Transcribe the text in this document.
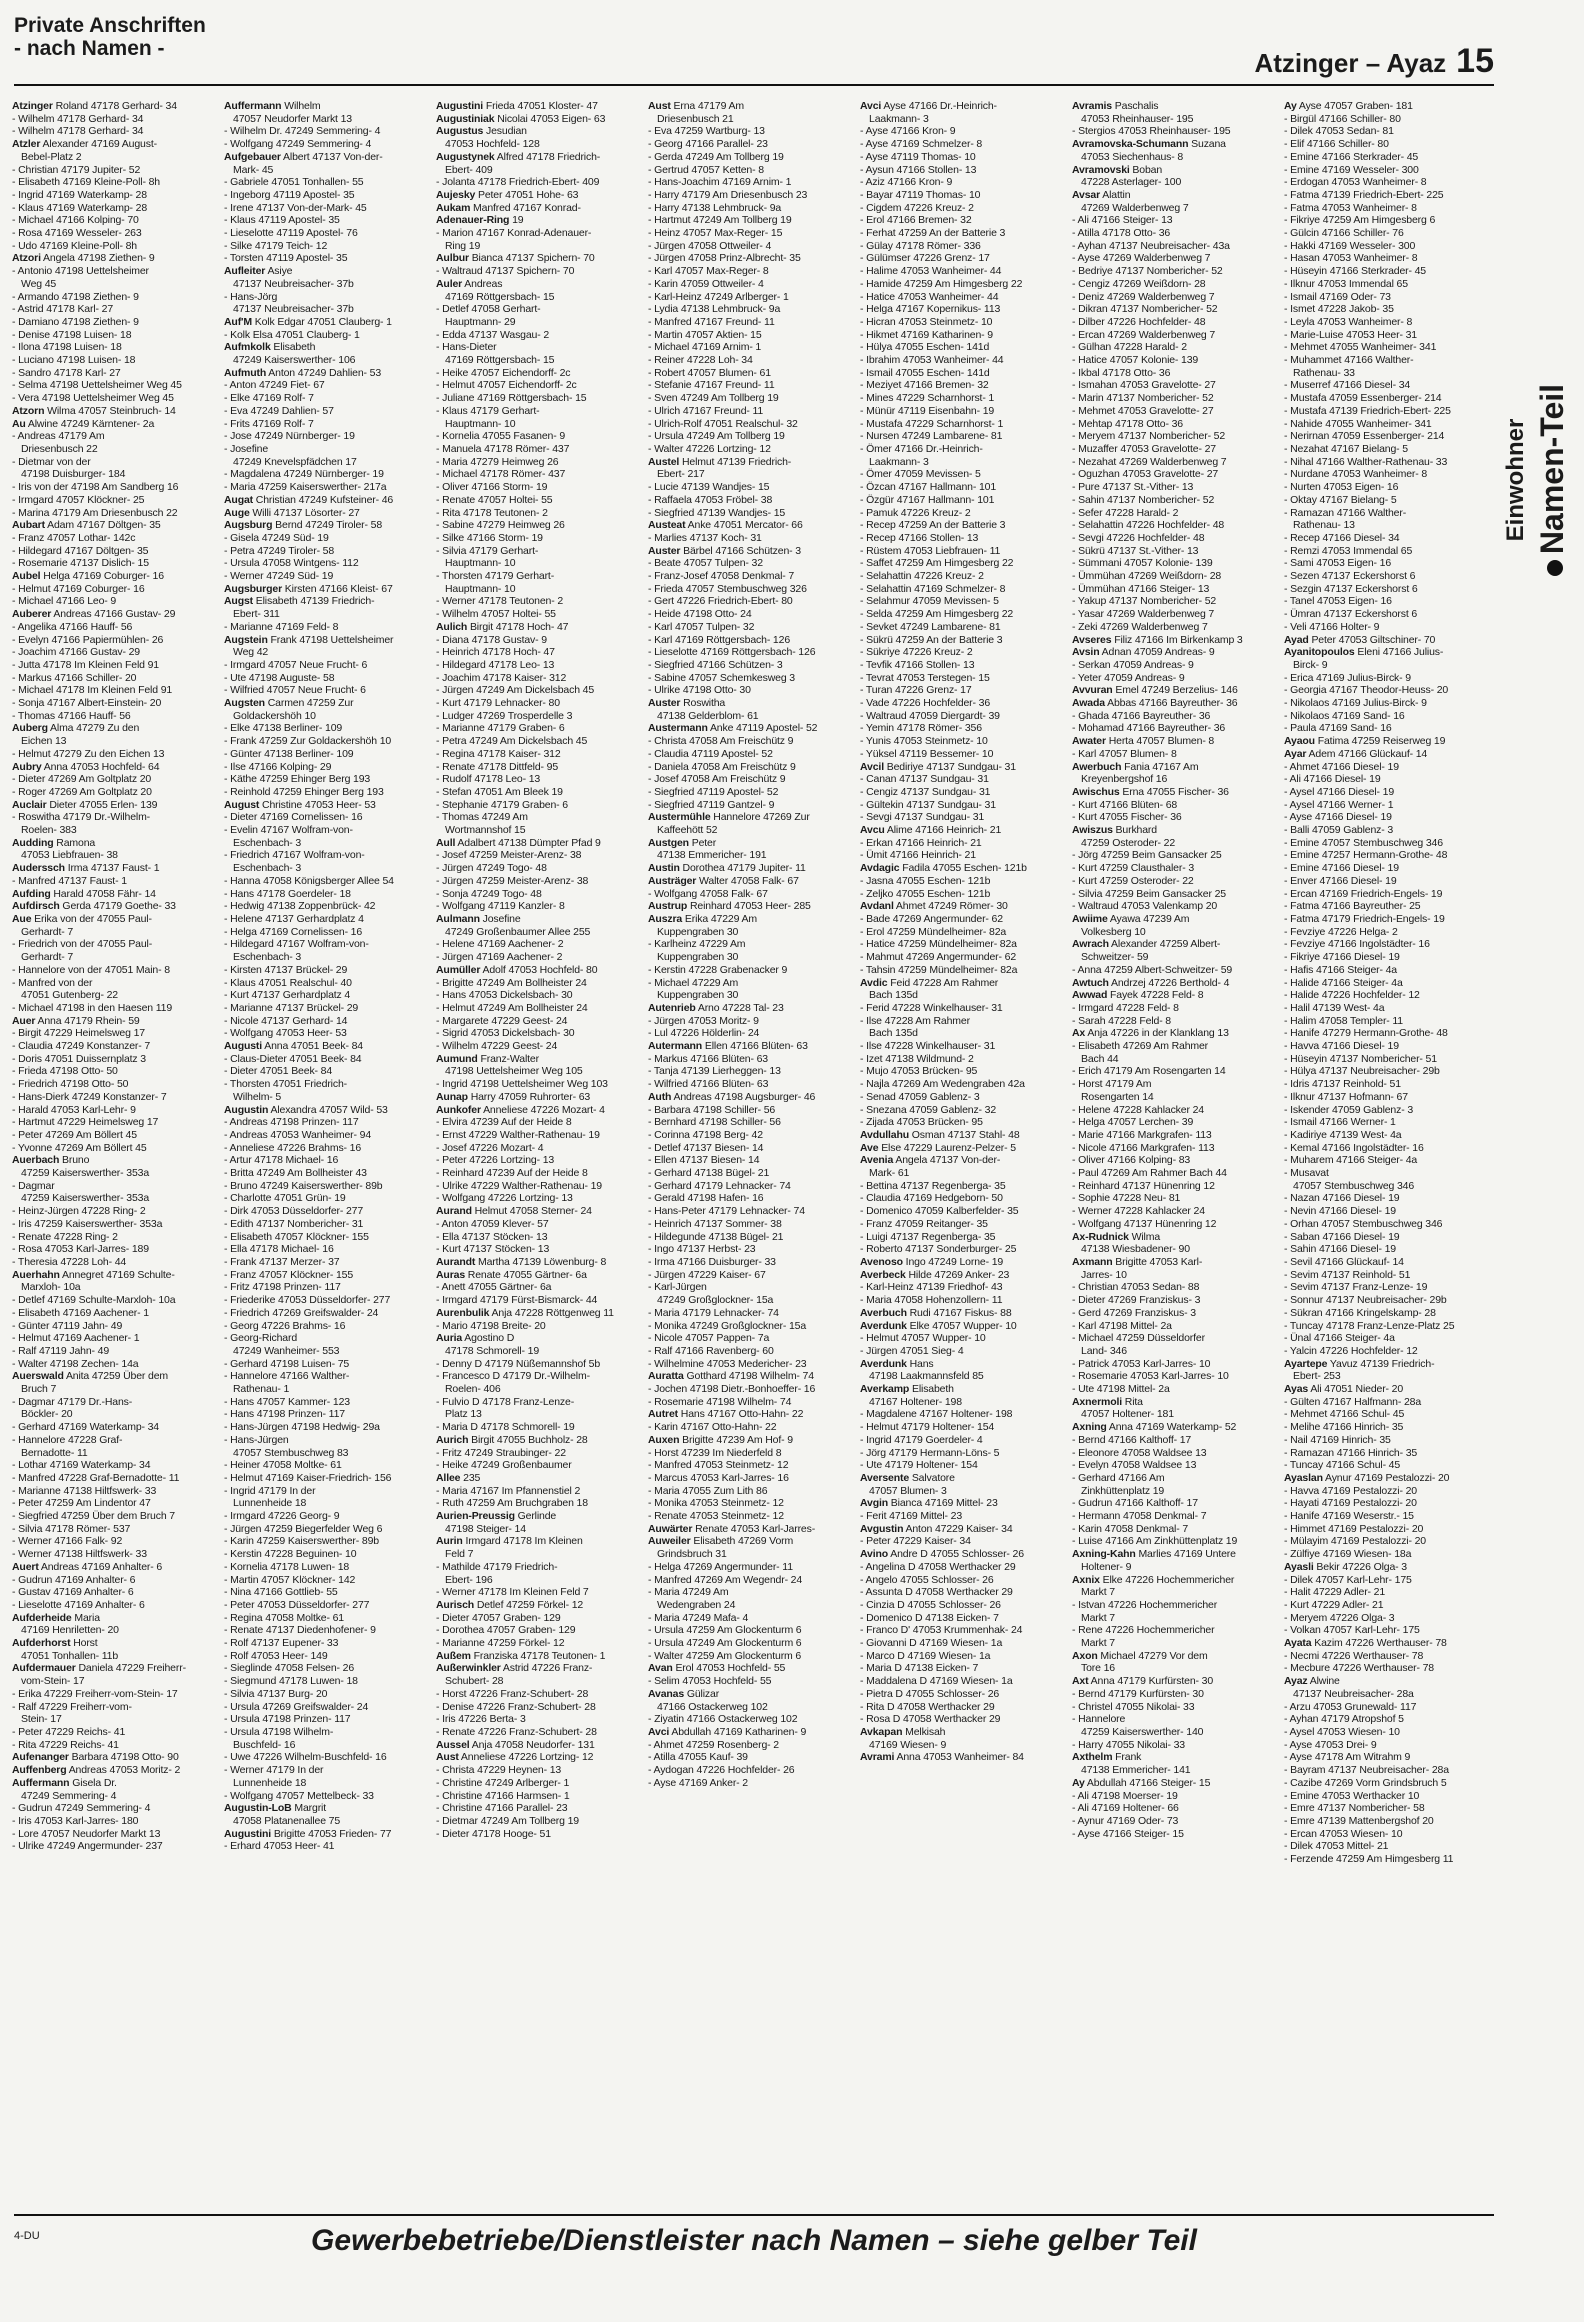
Private Anschriften
- nach Namen -	Atzinger – Ayaz 15
Atzinger Roland 47178 Gerhard- 34
- Wilhelm 47178 Gerhard- 34
- Wilhelm 47178 Gerhard- 34
Atzler Alexander 47169 August-
Bebel-Platz 2
- Christian 47179 Jupiter- 52
- Elisabeth 47169 Kleine-Poll- 8h
- Ingrid 47169 Waterkamp- 28
- Klaus 47169 Waterkamp- 28
- Michael 47166 Kolping- 70
- Rosa 47169 Wesseler- 263
- Udo 47169 Kleine-Poll- 8h
Atzori Angela 47198 Ziethen- 9
- Antonio 47198 Uettelsheimer
Weg 45
- Armando 47198 Ziethen- 9
- Astrid 47178 Karl- 27
- Damiano 47198 Ziethen- 9
- Denise 47198 Luisen- 18
- Ilona 47198 Luisen- 18
- Luciano 47198 Luisen- 18
- Sandro 47178 Karl- 27
- Selma 47198 Uettelsheimer Weg 45
- Vera 47198 Uettelsheimer Weg 45
Atzorn Wilma 47057 Steinbruch- 14
Au Alwine 47249 Kärntener- 2a
- Andreas 47179 Am
Driesenbusch 22
- Dietmar von der
47198 Duisburger- 184
- Iris von der 47198 Am Sandberg 16
- Irmgard 47057 Klöckner- 25
- Marina 47179 Am Driesenbusch 22
Aubart Adam 47167 Döltgen- 35
- Franz 47057 Lothar- 142c
- Hildegard 47167 Döltgen- 35
- Rosemarie 47137 Dislich- 15
Aubel Helga 47169 Coburger- 16
- Helmut 47169 Coburger- 16
- Michael 47166 Leo- 9
Auberer Andreas 47166 Gustav- 29
- Angelika 47166 Hauff- 56
- Evelyn 47166 Papiermühlen- 26
- Joachim 47166 Gustav- 29
- Jutta 47178 Im Kleinen Feld 91
- Markus 47166 Schiller- 20
- Michael 47178 Im Kleinen Feld 91
- Sonja 47167 Albert-Einstein- 20
- Thomas 47166 Hauff- 56
Auberg Alma 47279 Zu den
Eichen 13
- Helmut 47279 Zu den Eichen 13
Aubry Anna 47053 Hochfeld- 64
- Dieter 47269 Am Goltplatz 20
- Roger 47269 Am Goltplatz 20
Auclair Dieter 47055 Erlen- 139
- Roswitha 47179 Dr.-Wilhelm-
Roelen- 383
Audding Ramona
47053 Liebfrauen- 38
Auderssch Irma 47137 Faust- 1
- Manfred 47137 Faust- 1
Aufding Harald 47058 Fähr- 14
Aufdirsch Gerda 47179 Goethe- 33
Aue Erika von der 47055 Paul-
Gerhardt- 7
- Friedrich von der 47055 Paul-
Gerhardt- 7
- Hannelore von der 47051 Main- 8
- Manfred von der
47051 Gutenberg- 22
- Michael 47198 in den Haesen 119
Auer Anna 47179 Rhein- 59
- Birgit 47229 Heimelsweg 17
- Claudia 47249 Konstanzer- 7
- Doris 47051 Duissernplatz 3
- Frieda 47198 Otto- 50
- Friedrich 47198 Otto- 50
- Hans-Dierk 47249 Konstanzer- 7
- Harald 47053 Karl-Lehr- 9
- Hartmut 47229 Heimelsweg 17
- Peter 47269 Am Böllert 45
- Yvonne 47269 Am Böllert 45
Auerbach Bruno
47259 Kaiserswerther- 353a
- Dagmar
47259 Kaiserswerther- 353a
- Heinz-Jürgen 47228 Ring- 2
- Iris 47259 Kaiserswerther- 353a
- Renate 47228 Ring- 2
- Rosa 47053 Karl-Jarres- 189
- Theresia 47228 Loh- 44
Auerhahn Annegret 47169 Schulte-
Marxloh- 10a
- Detlef 47169 Schulte-Marxloh- 10a
- Elisabeth 47169 Aachener- 1
- Günter 47119 Jahn- 49
- Helmut 47169 Aachener- 1
- Ralf 47119 Jahn- 49
- Walter 47198 Zechen- 14a
Auerswald Anita 47259 Über dem
Bruch 7
- Dagmar 47179 Dr.-Hans-
Böckler- 20
- Gerhard 47169 Waterkamp- 34
- Hannelore 47228 Graf-
Bernadotte- 11
- Lothar 47169 Waterkamp- 34
- Manfred 47228 Graf-Bernadotte- 11
- Marianne 47138 Hiltfswerk- 33
- Peter 47259 Am Lindentor 47
- Siegfried 47259 Über dem Bruch 7
- Silvia 47178 Römer- 537
- Werner 47166 Falk- 92
- Werner 47138 Hiltfswerk- 33
Auert Andreas 47169 Anhalter- 6
- Gudrun 47169 Anhalter- 6
- Gustav 47169 Anhalter- 6
- Lieselotte 47169 Anhalter- 6
Aufderheide Maria
47169 Henriletten- 20
Aufderhorst Horst
47051 Tonhallen- 11b
Aufdermauer Daniela 47229 Freiherr-
vom-Stein- 17
- Erika 47229 Freiherr-vom-Stein- 17
- Ralf 47229 Freiherr-vom-
Stein- 17
- Peter 47229 Reichs- 41
- Rita 47229 Reichs- 41
Aufenanger Barbara 47198 Otto- 90
Auffenberg Andreas 47053 Moritz- 2
Auffermann Gisela Dr.
47249 Semmering- 4
- Gudrun 47249 Semmering- 4
- Iris 47053 Karl-Jarres- 180
- Lore 47057 Neudorfer Markt 13
- Ulrike 47249 Angermunder- 237
Auffermann Wilhelm
47057 Neudorfer Markt 13
- Wilhelm Dr. 47249 Semmering- 4
- Wolfgang 47249 Semmering- 4
Aufgebauer Albert 47137 Von-der-
Mark- 45
- Gabriele 47051 Tonhallen- 55
- Ingeborg 47119 Apostel- 35
- Irene 47137 Von-der-Mark- 45
- Klaus 47119 Apostel- 35
- Lieselotte 47119 Apostel- 76
- Silke 47179 Teich- 12
- Torsten 47119 Apostel- 35
Aufleiter Asiye
47137 Neubreisacher- 37b
- Hans-Jörg
47137 Neubreisacher- 37b
Auf'M Kolk Edgar 47051 Clauberg- 1
- Kolk Elsa 47051 Clauberg- 1
Aufmkolk Elisabeth
47249 Kaiserswerther- 106
Aufmuth Anton 47249 Dahlien- 53
- Anton 47249 Fiet- 67
- Elke 47169 Rolf- 7
- Eva 47249 Dahlien- 57
- Frits 47169 Rolf- 7
- Jose 47249 Nürnberger- 19
- Josefine
47249 Knevelspfädchen 17
- Magdalena 47249 Nürnberger- 19
- Maria 47259 Kaiserswerther- 217a
Augat Christian 47249 Kufsteiner- 46
Auge Willi 47137 Lösorter- 27
Augsburg Bernd 47249 Tiroler- 58
- Gisela 47249 Süd- 19
- Petra 47249 Tiroler- 58
- Ursula 47058 Wintgens- 112
- Werner 47249 Süd- 19
Augsburger Kirsten 47166 Kleist- 67
Augst Elisabeth 47139 Friedrich-
Ebert- 311
- Marianne 47169 Feld- 8
Augstein Frank 47198 Uettelsheimer
Weg 42
- Irmgard 47057 Neue Frucht- 6
- Ute 47198 Auguste- 58
- Wilfried 47057 Neue Frucht- 6
Augsten Carmen 47259 Zur
Goldackershöh 10
- Elke 47138 Berliner- 109
- Frank 47259 Zur Goldackershöh 10
- Günter 47138 Berliner- 109
- Ilse 47166 Kolping- 29
- Käthe 47259 Ehinger Berg 193
- Reinhold 47259 Ehinger Berg 193
August Christine 47053 Heer- 53
- Dieter 47169 Cornelissen- 16
- Evelin 47167 Wolfram-von-
Eschenbach- 3
- Friedrich 47167 Wolfram-von-
Eschenbach- 3
- Hanna 47058 Königsberger Allee 54
- Hans 47178 Goerdeler- 18
- Hedwig 47138 Zoppenbrück- 42
- Helene 47137 Gerhardplatz 4
- Helga 47169 Cornelissen- 16
- Hildegard 47167 Wolfram-von-
Eschenbach- 3
- Kirsten 47137 Brückel- 29
- Klaus 47051 Realschul- 40
- Kurt 47137 Gerhardplatz 4
- Marianne 47137 Brückel- 29
- Nicole 47137 Gerhard- 14
- Wolfgang 47053 Heer- 53
Augusti Anna 47051 Beek- 84
- Claus-Dieter 47051 Beek- 84
- Dieter 47051 Beek- 84
- Thorsten 47051 Friedrich-
Wilhelm- 5
Augustin Alexandra 47057 Wild- 53
- Andreas 47198 Prinzen- 117
- Andreas 47053 Wanheimer- 94
- Anneliese 47226 Brahms- 16
- Artur 47178 Michael- 16
- Britta 47249 Am Bollheister 43
- Bruno 47249 Kaiserswerther- 89b
- Charlotte 47051 Grün- 19
- Dirk 47053 Düsseldorfer- 277
- Edith 47137 Nombericher- 31
- Elisabeth 47057 Klöckner- 155
- Ella 47178 Michael- 16
- Frank 47137 Merzer- 37
- Franz 47057 Klöckner- 155
- Fritz 47198 Prinzen- 117
- Friederike 47053 Düsseldorfer- 277
- Friedrich 47269 Greifswalder- 24
- Georg 47226 Brahms- 16
- Georg-Richard
47249 Wanheimer- 553
- Gerhard 47198 Luisen- 75
- Hannelore 47166 Walther-
Rathenau- 1
- Hans 47057 Kammer- 123
- Hans 47198 Prinzen- 117
- Hans-Jürgen 47198 Hedwig- 29a
- Hans-Jürgen
47057 Stembuschweg 83
- Heiner 47058 Moltke- 61
- Helmut 47169 Kaiser-Friedrich- 156
- Ingrid 47179 In der
Lunnenheide 18
- Irmgard 47226 Georg- 9
- Jürgen 47259 Biegerfelder Weg 6
- Karin 47259 Kaiserswerther- 89b
- Kerstin 47228 Beguinen- 10
- Kornelia 47178 Luwen- 18
- Martin 47057 Klöckner- 142
- Nina 47166 Gottlieb- 55
- Peter 47053 Düsseldorfer- 277
- Regina 47058 Moltke- 61
- Renate 47137 Diedenhofener- 9
- Rolf 47137 Eupener- 33
- Rolf 47053 Heer- 149
- Sieglinde 47058 Felsen- 26
- Siegmund 47178 Luwen- 18
- Silvia 47137 Burg- 20
- Ursula 47269 Greifswalder- 24
- Ursula 47198 Prinzen- 117
- Ursula 47198 Wilhelm-
Buschfeld- 16
- Uwe 47226 Wilhelm-Buschfeld- 16
- Werner 47179 In der
Lunnenheide 18
- Wolfgang 47057 Mettelbeck- 33
Augustin-LoB Margrit
47058 Platanenallee 75
Augustini Brigitte 47053 Frieden- 77
- Erhard 47053 Heer- 41
Augustini Frieda 47051 Kloster- 47
Augustiniak Nicolai 47053 Eigen- 63
Augustus Jesudian
47053 Hochfeld- 128
Augustynek Alfred 47178 Friedrich-
Ebert- 409
- Jolanta 47178 Friedrich-Ebert- 409
Aujesky Peter 47051 Hohe- 63
Aukam Manfred 47167 Konrad-
Adenauer-Ring 19
- Marion 47167 Konrad-Adenauer-
Ring 19
Aulbur Bianca 47137 Spichern- 70
- Waltraud 47137 Spichern- 70
Auler Andreas
47169 Röttgersbach- 15
- Detlef 47058 Gerhart-
Hauptmann- 29
- Edda 47137 Wasgau- 2
- Hans-Dieter
47169 Röttgersbach- 15
- Heike 47057 Eichendorff- 2c
- Helmut 47057 Eichendorff- 2c
- Juliane 47169 Röttgersbach- 15
- Klaus 47179 Gerhart-
Hauptmann- 10
- Kornelia 47055 Fasanen- 9
- Manuela 47178 Römer- 437
- Maria 47279 Heimweg 26
- Michael 47178 Römer- 437
- Oliver 47166 Storm- 19
- Renate 47057 Holtei- 55
- Rita 47178 Teutonen- 2
- Sabine 47279 Heimweg 26
- Silke 47166 Storm- 19
- Silvia 47179 Gerhart-
Hauptmann- 10
- Thorsten 47179 Gerhart-
Hauptmann- 10
- Werner 47178 Teutonen- 2
- Wilhelm 47057 Holtei- 55
Aulich Birgit 47178 Hoch- 47
- Diana 47178 Gustav- 9
- Heinrich 47178 Hoch- 47
- Hildegard 47178 Leo- 13
- Joachim 47178 Kaiser- 312
- Jürgen 47249 Am Dickelsbach 45
- Kurt 47179 Lehnacker- 80
- Ludger 47269 Trosperdelle 3
- Marianne 47179 Graben- 6
- Petra 47249 Am Dickelsbach 45
- Regina 47178 Kaiser- 312
- Renate 47178 Dittfeld- 95
- Rudolf 47178 Leo- 13
- Stefan 47051 Am Bleek 19
- Stephanie 47179 Graben- 6
- Thomas 47249 Am
Wortmannshof 15
Aull Adalbert 47138 Dümpter Pfad 9
- Josef 47259 Meister-Arenz- 38
- Jürgen 47249 Togo- 48
- Jürgen 47259 Meister-Arenz- 38
- Sonja 47249 Togo- 48
- Wolfgang 47119 Kanzler- 8
Aulmann Josefine
47249 Großenbaumer Allee 255
- Helene 47169 Aachener- 2
- Jürgen 47169 Aachener- 2
Aumüller Adolf 47053 Hochfeld- 80
- Brigitte 47249 Am Bollheister 24
- Hans 47053 Dickelsbach- 30
- Helmut 47249 Am Bollheister 24
- Margarete 47229 Geest- 24
- Sigrid 47053 Dickelsbach- 30
- Wilhelm 47229 Geest- 24
Aumund Franz-Walter
47198 Uettelsheimer Weg 105
- Ingrid 47198 Uettelsheimer Weg 103
Aunap Harry 47059 Ruhrorter- 63
Aunkofer Anneliese 47226 Mozart- 4
- Elvira 47239 Auf der Heide 8
- Ernst 47229 Walther-Rathenau- 19
- Josef 47226 Mozart- 4
- Peter 47226 Lortzing- 13
- Reinhard 47239 Auf der Heide 8
- Ulrike 47229 Walther-Rathenau- 19
- Wolfgang 47226 Lortzing- 13
Aurand Helmut 47058 Sterner- 24
- Anton 47059 Klever- 57
- Ella 47137 Stöcken- 13
- Kurt 47137 Stöcken- 13
Aurandt Martha 47139 Löwenburg- 8
Auras Renate 47055 Gärtner- 6a
- Anett 47055 Gärtner- 6a
- Irmgard 47179 Fürst-Bismarck- 44
Aurenbulik Anja 47228 Röttgenweg 11
- Mario 47198 Breite- 20
Auria Agostino D
47178 Schmorell- 19
- Denny D 47179 Nüßemannshof 5b
- Francesco D 47179 Dr.-Wilhelm-
Roelen- 406
- Fulvio D 47178 Franz-Lenze-
Platz 13
- Maria D 47178 Schmorell- 19
Aurich Birgit 47055 Buchholz- 28
- Fritz 47249 Straubinger- 22
- Heike 47249 Großenbaumer
Allee 235
- Maria 47167 Im Pfannenstiel 2
- Ruth 47259 Am Bruchgraben 18
Aurien-Preussig Gerlinde
47198 Steiger- 14
Aurin Irmgard 47178 Im Kleinen
Feld 7
- Mathilde 47179 Friedrich-
Ebert- 196
- Werner 47178 Im Kleinen Feld 7
Aurisch Detlef 47259 Förkel- 12
- Dieter 47057 Graben- 129
- Dorothea 47057 Graben- 129
- Marianne 47259 Förkel- 12
Außem Franziska 47178 Teutonen- 1
Außerwinkler Astrid 47226 Franz-
Schubert- 28
- Horst 47226 Franz-Schubert- 28
- Denise 47226 Franz-Schubert- 28
- Iris 47226 Berta- 3
- Renate 47226 Franz-Schubert- 28
Aussel Anja 47058 Neudorfer- 131
Aust Anneliese 47226 Lortzing- 12
- Christa 47229 Heynen- 13
- Christine 47249 Arlberger- 1
- Christine 47166 Harmsen- 1
- Christine 47166 Parallel- 23
- Dietmar 47249 Am Tollberg 19
- Dieter 47178 Hooge- 51
Aust Erna 47179 Am
Driesenbusch 21
- Eva 47259 Wartburg- 13
- Georg 47166 Parallel- 23
- Gerda 47249 Am Tollberg 19
- Gertrud 47057 Ketten- 8
- Hans-Joachim 47169 Arnim- 1
- Harry 47179 Am Driesenbusch 23
- Harry 47138 Lehmbruck- 9a
- Hartmut 47249 Am Tollberg 19
- Heinz 47057 Max-Reger- 15
- Jürgen 47058 Ottweiler- 4
- Jürgen 47058 Prinz-Albrecht- 35
- Karl 47057 Max-Reger- 8
- Karin 47059 Ottweiler- 4
- Karl-Heinz 47249 Arlberger- 1
- Lydia 47138 Lehmbruck- 9a
- Manfred 47167 Freund- 11
- Martin 47057 Aktien- 15
- Michael 47169 Arnim- 1
- Reiner 47228 Loh- 34
- Robert 47057 Blumen- 61
- Stefanie 47167 Freund- 11
- Sven 47249 Am Tollberg 19
- Ulrich 47167 Freund- 11
- Ulrich-Rolf 47051 Realschul- 32
- Ursula 47249 Am Tollberg 19
- Walter 47226 Lortzing- 12
Austel Helmut 47139 Friedrich-
Ebert- 217
- Lucie 47139 Wandjes- 15
- Raffaela 47053 Fröbel- 38
- Siegfried 47139 Wandjes- 15
Austeat Anke 47051 Mercator- 66
- Marlies 47137 Koch- 31
Auster Bärbel 47166 Schützen- 3
- Beate 47057 Tulpen- 32
- Franz-Josef 47058 Denkmal- 7
- Frieda 47057 Stembuschweg 326
- Gert 47226 Friedrich-Ebert- 80
- Heide 47198 Otto- 24
- Karl 47057 Tulpen- 32
- Karl 47169 Röttgersbach- 126
- Lieselotte 47169 Röttgersbach- 126
- Siegfried 47166 Schützen- 3
- Sabine 47057 Schemkesweg 3
- Ulrike 47198 Otto- 30
Auster Roswitha
47138 Gelderblom- 61
Austermann Anke 47119 Apostel- 52
- Christa 47058 Am Freischütz 9
- Claudia 47119 Apostel- 52
- Daniela 47058 Am Freischütz 9
- Josef 47058 Am Freischütz 9
- Siegfried 47119 Apostel- 52
- Siegfried 47119 Gantzel- 9
Austermühle Hannelore 47269 Zur
Kaffeehött 52
Austgen Peter
47138 Emmericher- 191
Austin Dorothea 47179 Jupiter- 11
Austräger Walter 47058 Falk- 67
- Wolfgang 47058 Falk- 67
Austrup Reinhard 47053 Heer- 285
Auszra Erika 47229 Am
Kuppengraben 30
- Karlheinz 47229 Am
Kuppengraben 30
- Kerstin 47228 Grabenacker 9
- Michael 47229 Am
Kuppengraben 30
Autenrieb Arno 47228 Tal- 23
- Jürgen 47053 Moritz- 9
- Lul 47226 Hölderlin- 24
Autermann Ellen 47166 Blüten- 63
- Markus 47166 Blüten- 63
- Tanja 47139 Lierheggen- 13
- Wilfried 47166 Blüten- 63
Auth Andreas 47198 Augsburger- 46
- Barbara 47198 Schiller- 56
- Bernhard 47198 Schiller- 56
- Corinna 47198 Berg- 42
- Detlef 47137 Biesen- 14
- Ellen 47137 Biesen- 14
- Gerhard 47138 Bügel- 21
- Gerhard 47179 Lehnacker- 74
- Gerald 47198 Hafen- 16
- Hans-Peter 47179 Lehnacker- 74
- Heinrich 47137 Sommer- 38
- Hildegunde 47138 Bügel- 21
- Ingo 47137 Herbst- 23
- Irma 47166 Duisburger- 33
- Jürgen 47229 Kaiser- 67
- Karl-Jürgen
47249 Großglockner- 15a
- Maria 47179 Lehnacker- 74
- Monika 47249 Großglockner- 15a
- Nicole 47057 Pappen- 7a
- Ralf 47166 Ravenberg- 60
- Wilhelmine 47053 Medericher- 23
Auratta Gotthard 47198 Wilhelm- 74
- Jochen 47198 Dietr.-Bonhoeffer- 16
- Rosemarie 47198 Wilhelm- 74
Autret Hans 47167 Otto-Hahn- 22
- Karin 47167 Otto-Hahn- 22
Auxen Brigitte 47239 Am Hof- 9
- Horst 47239 Im Niederfeld 8
- Manfred 47053 Steinmetz- 12
- Marcus 47053 Karl-Jarres- 16
- Maria 47055 Zum Lith 86
- Monika 47053 Steinmetz- 12
- Renate 47053 Steinmetz- 12
Auwärter Renate 47053 Karl-Jarres-
Auweiler Elisabeth 47269 Vorm
Grindsbruch 31
- Helga 47269 Angermunder- 11
- Manfred 47269 Am Wegendr- 24
- Maria 47249 Am
Wedengraben 24
- Maria 47249 Mafa- 4
- Ursula 47259 Am Glockenturm 6
- Ursula 47249 Am Glockenturm 6
- Walter 47259 Am Glockenturm 6
Avan Erol 47053 Hochfeld- 55
- Selim 47053 Hochfeld- 55
Avanas Gülizar
47166 Ostackerweg 102
- Ziyatin 47166 Ostackerweg 102
Avci Abdullah 47169 Katharinen- 9
- Ahmet 47259 Rosenberg- 2
- Atilla 47055 Kauf- 39
- Aydogan 47226 Hochfelder- 26
- Ayse 47169 Anker- 2
Avci Ayse 47166 Dr.-Heinrich-
Laakmann- 3
- Ayse 47166 Kron- 9
- Ayse 47169 Schmelzer- 8
- Ayse 47119 Thomas- 10
- Aysun 47166 Stollen- 13
- Aziz 47166 Kron- 9
- Bayar 47119 Thomas- 10
- Cigdem 47226 Kreuz- 2
- Erol 47166 Bremen- 32
- Ferhat 47259 An der Batterie 3
- Gülay 47178 Römer- 336
- Gülümser 47226 Grenz- 17
- Halime 47053 Wanheimer- 44
- Hamide 47259 Am Himgesberg 22
- Hatice 47053 Wanheimer- 44
- Helga 47167 Kopernikus- 113
- Hicran 47053 Steinmetz- 10
- Hikmet 47169 Katharinen- 9
- Hülya 47055 Eschen- 141d
- Ibrahim 47053 Wanheimer- 44
- Ismail 47055 Eschen- 141d
- Meziyet 47166 Bremen- 32
- Mines 47229 Scharnhorst- 1
- Münür 47119 Eisenbahn- 19
- Mustafa 47229 Scharnhorst- 1
- Nursen 47249 Lambarene- 81
- Ömer 47166 Dr.-Heinrich-
Laakmann- 3
- Ömer 47059 Mevissen- 5
- Özcan 47167 Hallmann- 101
- Özgür 47167 Hallmann- 101
- Pamuk 47226 Kreuz- 2
- Recep 47259 An der Batterie 3
- Recep 47166 Stollen- 13
- Rüstem 47053 Liebfrauen- 11
- Saffet 47259 Am Himgesberg 22
- Selahattin 47226 Kreuz- 2
- Selahattin 47169 Schmelzer- 8
- Selahmur 47059 Mevissen- 5
- Selda 47259 Am Himgesberg 22
- Sevket 47249 Lambarene- 81
- Sükrü 47259 An der Batterie 3
- Sükriye 47226 Kreuz- 2
- Tevfik 47166 Stollen- 13
- Tevrat 47053 Terstegen- 15
- Turan 47226 Grenz- 17
- Vade 47226 Hochfelder- 36
- Waltraud 47059 Diergardt- 39
- Yemin 47178 Römer- 356
- Yunis 47053 Steinmetz- 10
- Yüksel 47119 Bessemer- 10
Avcil Bediriye 47137 Sundgau- 31
- Canan 47137 Sundgau- 31
- Cengiz 47137 Sundgau- 31
- Gültekin 47137 Sundgau- 31
- Sevgi 47137 Sundgau- 31
Avcu Alime 47166 Heinrich- 21
- Erkan 47166 Heinrich- 21
- Ümit 47166 Heinrich- 21
Avdagic Fadila 47055 Eschen- 121b
- Jasna 47055 Eschen- 121b
- Zeljko 47055 Eschen- 121b
Avdanl Ahmet 47249 Römer- 30
- Bade 47269 Angermunder- 62
- Erol 47259 Mündelheimer- 82a
- Hatice 47259 Mündelheimer- 82a
- Mahmut 47269 Angermunder- 62
- Tahsin 47259 Mündelheimer- 82a
Avdic Feid 47228 Am Rahmer
Bach 135d
- Ferid 47228 Winkelhauser- 31
- Ilse 47228 Am Rahmer
Bach 135d
- Ilse 47228 Winkelhauser- 31
- Izet 47138 Wildmund- 2
- Mujo 47053 Brücken- 95
- Najla 47269 Am Wedengraben 42a
- Senad 47059 Gablenz- 3
- Snezana 47059 Gablenz- 32
- Zijada 47053 Brücken- 95
Avdullahu Osman 47137 Stahl- 48
Ave Else 47229 Laurenz-Pelzer- 5
Avenia Angela 47137 Von-der-
Mark- 61
- Bettina 47137 Regenberga- 35
- Claudia 47169 Hedgeborn- 50
- Domenico 47059 Kalberfelder- 35
- Franz 47059 Reitanger- 35
- Luigi 47137 Regenberga- 35
- Roberto 47137 Sonderburger- 25
Avenoso Ingo 47249 Lorne- 19
Averbeck Hilde 47269 Anker- 23
- Karl-Heinz 47139 Friedhof- 43
- Maria 47058 Hohenzollern- 11
Averbuch Rudi 47167 Fiskus- 88
Averdunk Elke 47057 Wupper- 10
- Helmut 47057 Wupper- 10
- Jürgen 47051 Sieg- 4
Averdunk Hans
47198 Laakmannsfeld 85
Averkamp Elisabeth
47167 Holtener- 198
- Magdalene 47167 Holtener- 198
- Helmut 47179 Holtener- 154
- Ingrid 47179 Goerdeler- 4
- Jörg 47179 Hermann-Löns- 5
- Ute 47179 Holtener- 154
Aversente Salvatore
47057 Blumen- 3
Avgin Bianca 47169 Mittel- 23
- Ferit 47169 Mittel- 23
Avgustin Anton 47229 Kaiser- 34
- Peter 47229 Kaiser- 34
Avino Andre D 47055 Schlosser- 26
- Angelina D 47058 Werthacker 29
- Angelo 47055 Schlosser- 26
- Assunta D 47058 Werthacker 29
- Cinzia D 47055 Schlosser- 26
- Domenico D 47138 Eicken- 7
- Franco D' 47053 Krummenhak- 24
- Giovanni D 47169 Wiesen- 1a
- Marco D 47169 Wiesen- 1a
- Maria D 47138 Eicken- 7
- Maddalena D 47169 Wiesen- 1a
- Pietra D 47055 Schlosser- 26
- Rita D 47058 Werthacker 29
- Rosa D 47058 Werthacker 29
Avkapan Melkisah
47169 Wiesen- 9
Avrami Anna 47053 Wanheimer- 84
Avramis Paschalis
47053 Rheinhauser- 195
- Stergios 47053 Rheinhauser- 195
Avramovska-Schumann Suzana
47053 Siechenhaus- 8
Avramovski Boban
47228 Asterlager- 100
Avsar Alattin
47269 Walderbenweg 7
- Ali 47166 Steiger- 13
- Atilla 47178 Otto- 36
- Ayhan 47137 Neubreisacher- 43a
- Ayse 47269 Walderbenweg 7
- Bedriye 47137 Nombericher- 52
- Cengiz 47269 Weißdorn- 28
- Deniz 47269 Walderbenweg 7
- Dikran 47137 Nombericher- 52
- Dilber 47226 Hochfelder- 48
- Ercan 47269 Walderbenweg 7
- Gülhan 47228 Harald- 2
- Hatice 47057 Kolonie- 139
- Ikbal 47178 Otto- 36
- Ismahan 47053 Gravelotte- 27
- Marin 47137 Nombericher- 52
- Mehmet 47053 Gravelotte- 27
- Mehtap 47178 Otto- 36
- Meryem 47137 Nombericher- 52
- Muzaffer 47053 Gravelotte- 27
- Nezahat 47269 Walderbenweg 7
- Oguzhan 47053 Gravelotte- 27
- Pure 47137 St.-Vither- 13
- Sahin 47137 Nombericher- 52
- Sefer 47228 Harald- 2
- Selahattin 47226 Hochfelder- 48
- Sevgi 47226 Hochfelder- 48
- Sükrü 47137 St.-Vither- 13
- Sümmani 47057 Kolonie- 139
- Ümmühan 47269 Weißdorn- 28
- Ümmühan 47166 Steiger- 13
- Yakup 47137 Nombericher- 52
- Yasar 47269 Walderbenweg 7
- Zeki 47269 Walderbenweg 7
Avseres Filiz 47166 Im Birkenkamp 3
Avsin Adnan 47059 Andreas- 9
- Serkan 47059 Andreas- 9
- Yeter 47059 Andreas- 9
Avvuran Emel 47249 Berzelius- 146
Awada Abbas 47166 Bayreuther- 36
- Ghada 47166 Bayreuther- 36
- Mohamad 47166 Bayreuther- 36
Awater Herta 47057 Blumen- 8
- Karl 47057 Blumen- 8
Awerbuch Fania 47167 Am
Kreyenbergshof 16
Awischus Erna 47055 Fischer- 36
- Kurt 47166 Blüten- 68
- Kurt 47055 Fischer- 36
Awiszus Burkhard
47259 Osteroder- 22
- Jörg 47259 Beim Gansacker 25
- Kurt 47259 Clausthaler- 3
- Kurt 47259 Osteroder- 22
- Silvia 47259 Beim Gansacker 25
- Waltraud 47053 Valenkamp 20
Awiime Ayawa 47239 Am
Volkesberg 10
Awrach Alexander 47259 Albert-
Schweitzer- 59
- Anna 47259 Albert-Schweitzer- 59
Awtuch Andrzej 47226 Berthold- 4
Awwad Fayek 47228 Feld- 8
- Irmgard 47228 Feld- 8
- Sarah 47228 Feld- 8
Ax Anja 47226 in der Klanklang 13
- Elisabeth 47269 Am Rahmer
Bach 44
- Erich 47179 Am Rosengarten 14
- Horst 47179 Am
Rosengarten 14
- Helene 47228 Kahlacker 24
- Helga 47057 Lerchen- 39
- Marie 47166 Markgrafen- 113
- Nicole 47166 Markgrafen- 113
- Oliver 47166 Kolping- 83
- Paul 47269 Am Rahmer Bach 44
- Reinhard 47137 Hünenring 12
- Sophie 47228 Neu- 81
- Werner 47228 Kahlacker 24
- Wolfgang 47137 Hünenring 12
Ax-Rudnick Wilma
47138 Wiesbadener- 90
Axmann Brigitte 47053 Karl-
Jarres- 10
- Christian 47053 Sedan- 88
- Dieter 47269 Franziskus- 3
- Gerd 47269 Franziskus- 3
- Karl 47198 Mittel- 2a
- Michael 47259 Düsseldorfer
Land- 346
- Patrick 47053 Karl-Jarres- 10
- Rosemarie 47053 Karl-Jarres- 10
- Ute 47198 Mittel- 2a
Axnermoli Rita
47057 Holtener- 181
Axning Anna 47169 Waterkamp- 52
- Bernd 47166 Kalthoff- 17
- Eleonore 47058 Waldsee 13
- Evelyn 47058 Waldsee 13
- Gerhard 47166 Am
Zinkhüttenplatz 19
- Gudrun 47166 Kalthoff- 17
- Hermann 47058 Denkmal- 7
- Karin 47058 Denkmal- 7
- Luise 47166 Am Zinkhüttenplatz 19
Axning-Kahn Marlies 47169 Untere
Holtener- 9
Axnix Elke 47226 Hochemmericher
Markt 7
- Istvan 47226 Hochemmericher
Markt 7
- Rene 47226 Hochemmericher
Markt 7
Axon Michael 47279 Vor dem
Tore 16
Axt Anna 47179 Kurfürsten- 30
- Bernd 47179 Kurfürsten- 30
- Christel 47055 Nikolai- 33
- Hannelore
47259 Kaiserswerther- 140
- Harry 47055 Nikolai- 33
Axthelm Frank
47138 Emmericher- 141
Ay Abdullah 47166 Steiger- 15
- Ali 47198 Moerser- 19
- Ali 47169 Holtener- 66
- Aynur 47169 Oder- 73
- Ayse 47166 Steiger- 15
Ay Ayse 47057 Graben- 181
- Birgül 47166 Schiller- 80
- Dilek 47053 Sedan- 81
- Elif 47166 Schiller- 80
- Emine 47166 Sterkrader- 45
- Emine 47169 Wesseler- 300
- Erdogan 47053 Wanheimer- 8
- Fatma 47139 Friedrich-Ebert- 225
- Fatma 47053 Wanheimer- 8
- Fikriye 47259 Am Himgesberg 6
- Gülcin 47166 Schiller- 76
- Hakki 47169 Wesseler- 300
- Hasan 47053 Wanheimer- 8
- Hüseyin 47166 Sterkrader- 45
- Ilknur 47053 Immendal 65
- Ismail 47169 Oder- 73
- Ismet 47228 Jakob- 35
- Leyla 47053 Wanheimer- 8
- Marie-Luise 47053 Heer- 31
- Mehmet 47055 Wanheimer- 341
- Muhammet 47166 Walther-
Rathenau- 33
- Muserref 47166 Diesel- 34
- Mustafa 47059 Essenberger- 214
- Mustafa 47139 Friedrich-Ebert- 225
- Nahide 47055 Wanheimer- 341
- Nerirnan 47059 Essenberger- 214
- Nezahat 47167 Bielang- 5
- Nihal 47166 Walther-Rathenau- 33
- Nurdane 47053 Wanheimer- 8
- Nurten 47053 Eigen- 16
- Oktay 47167 Bielang- 5
- Ramazan 47166 Walther-
Rathenau- 13
- Recep 47166 Diesel- 34
- Remzi 47053 Immendal 65
- Sami 47053 Eigen- 16
- Sezen 47137 Eckershorst 6
- Sezgin 47137 Eckershorst 6
- Tanel 47053 Eigen- 16
- Ümran 47137 Eckershorst 6
- Veli 47166 Holter- 9
Ayad Peter 47053 Giltschiner- 70
Ayanitopoulos Eleni 47166 Julius-
Birck- 9
- Erica 47169 Julius-Birck- 9
- Georgia 47167 Theodor-Heuss- 20
- Nikolaos 47169 Julius-Birck- 9
- Nikolaos 47169 Sand- 16
- Paula 47169 Sand- 16
Ayaou Fatima 47259 Reiserweg 19
Ayar Adem 47166 Glückauf- 14
- Ahmet 47166 Diesel- 19
- Ali 47166 Diesel- 19
- Aysel 47166 Diesel- 19
- Aysel 47166 Werner- 1
- Ayse 47166 Diesel- 19
- Balli 47059 Gablenz- 3
- Emine 47057 Stembuschweg 346
- Emine 47257 Hermann-Grothe- 48
- Emine 47166 Diesel- 19
- Enver 47166 Diesel- 19
- Ercan 47169 Friedrich-Engels- 19
- Fatma 47166 Bayreuther- 25
- Fatma 47179 Friedrich-Engels- 19
- Fevziye 47226 Helga- 2
- Fevziye 47166 Ingolstädter- 16
- Fikriye 47166 Diesel- 19
- Hafis 47166 Steiger- 4a
- Halide 47166 Steiger- 4a
- Halide 47226 Hochfelder- 12
- Halil 47139 West- 4a
- Halim 47058 Templer- 11
- Hanife 47279 Hermann-Grothe- 48
- Havva 47166 Diesel- 19
- Hüseyin 47137 Nombericher- 51
- Hülya 47137 Neubreisacher- 29b
- Idris 47137 Reinhold- 51
- Ilknur 47137 Hofmann- 67
- Iskender 47059 Gablenz- 3
- Ismail 47166 Werner- 1
- Kadiriye 47139 West- 4a
- Kemal 47166 Ingolstädter- 16
- Muharem 47166 Steiger- 4a
- Musavat
47057 Stembuschweg 346
- Nazan 47166 Diesel- 19
- Nevin 47166 Diesel- 19
- Orhan 47057 Stembuschweg 346
- Saban 47166 Diesel- 19
- Sahin 47166 Diesel- 19
- Sevil 47166 Glückauf- 14
- Sevim 47137 Reinhold- 51
- Sevim 47137 Franz-Lenze- 19
- Sonnur 47137 Neubreisacher- 29b
- Sükran 47166 Kringelskamp- 28
- Tuncay 47178 Franz-Lenze-Platz 25
- Ünal 47166 Steiger- 4a
- Yalcin 47226 Hochfelder- 12
Ayartepe Yavuz 47139 Friedrich-
Ebert- 253
Ayas Ali 47051 Nieder- 20
- Gülten 47167 Halfmann- 28a
- Mehmet 47166 Schul- 45
- Melihe 47166 Hinrich- 35
- Nail 47169 Hinrich- 35
- Ramazan 47166 Hinrich- 35
- Tuncay 47166 Schul- 45
Ayaslan Aynur 47169 Pestalozzi- 20
- Havva 47169 Pestalozzi- 20
- Hayati 47169 Pestalozzi- 20
- Hanife 47169 Weserstr.- 15
- Himmet 47169 Pestalozzi- 20
- Mülayim 47169 Pestalozzi- 20
- Zülfiye 47169 Wiesen- 18a
Ayasli Bekir 47226 Olga- 3
- Dilek 47057 Karl-Lehr- 175
- Halit 47229 Adler- 21
- Kurt 47229 Adler- 21
- Meryem 47226 Olga- 3
- Volkan 47057 Karl-Lehr- 175
Ayata Kazim 47226 Werthauser- 78
- Necmi 47226 Werthauser- 78
- Mecbure 47226 Werthauser- 78
Ayaz Alwine
47137 Neubreisacher- 28a
- Arzu 47053 Grunewald- 117
- Ayhan 47179 Atropshof 5
- Aysel 47053 Wiesen- 10
- Ayse 47053 Drei- 9
- Ayse 47178 Am Witrahm 9
- Bayram 47137 Neubreisacher- 28a
- Cazibe 47269 Vorm Grindsbruch 5
- Emine 47053 Werthacker 10
- Emre 47137 Nombericher- 58
- Emre 47139 Mattenbergshof 20
- Ercan 47053 Wiesen- 10
- Dilek 47053 Mittel- 21
- Ferzende 47259 Am Himgesberg 11
Einwohner Namen-Teil
4-DU	Gewerbebetriebe/Dienstleister nach Namen – siehe gelber Teil
